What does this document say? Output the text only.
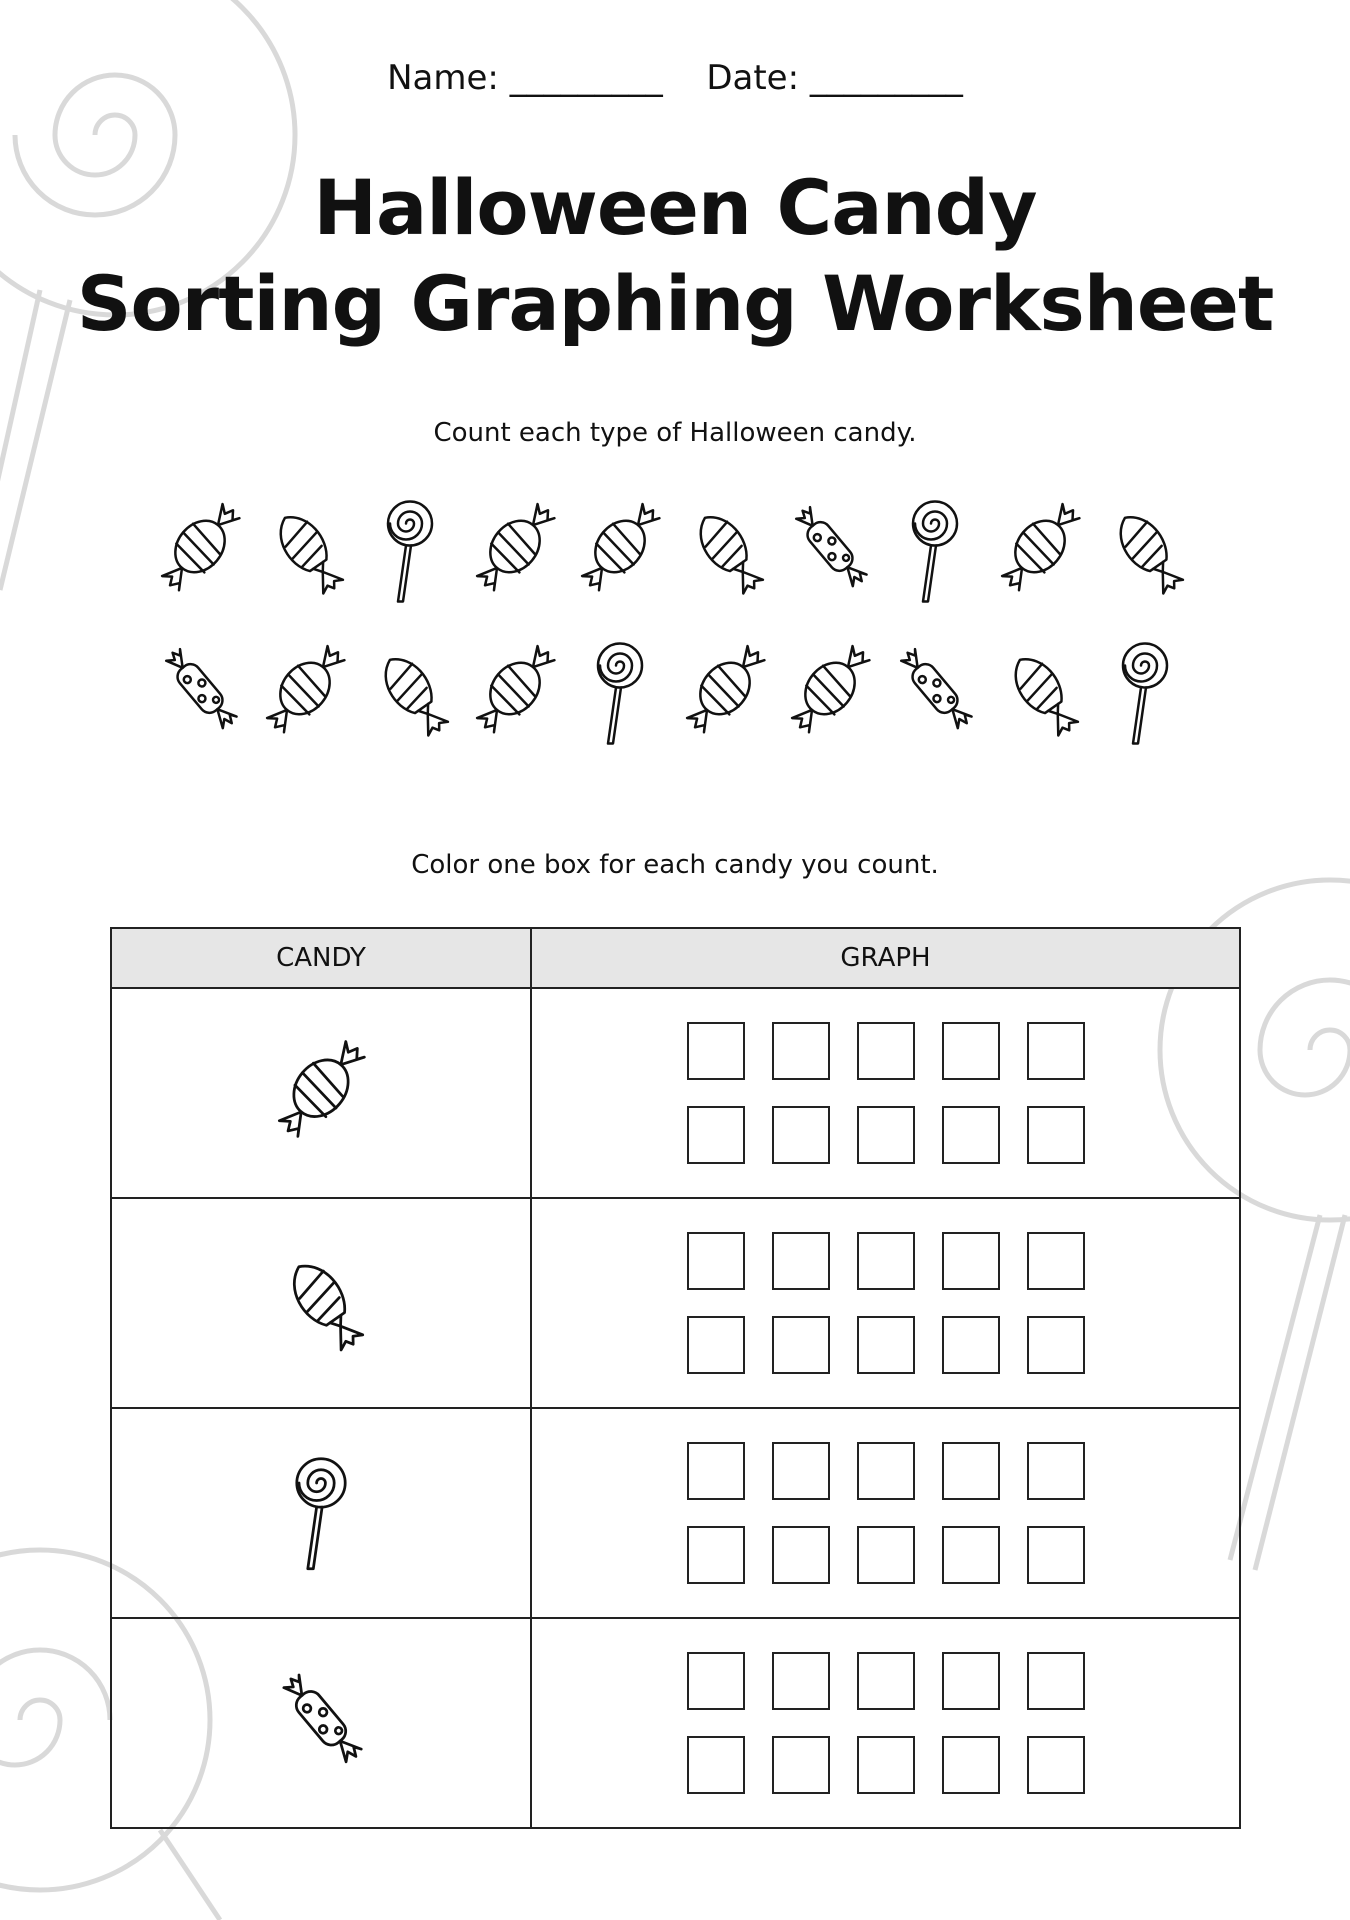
Name: _________ Date: _________
Halloween Candy
Sorting Graphing Worksheet
Count each type of Halloween candy.
Color one box for each candy you count.
CANDY	GRAPH
